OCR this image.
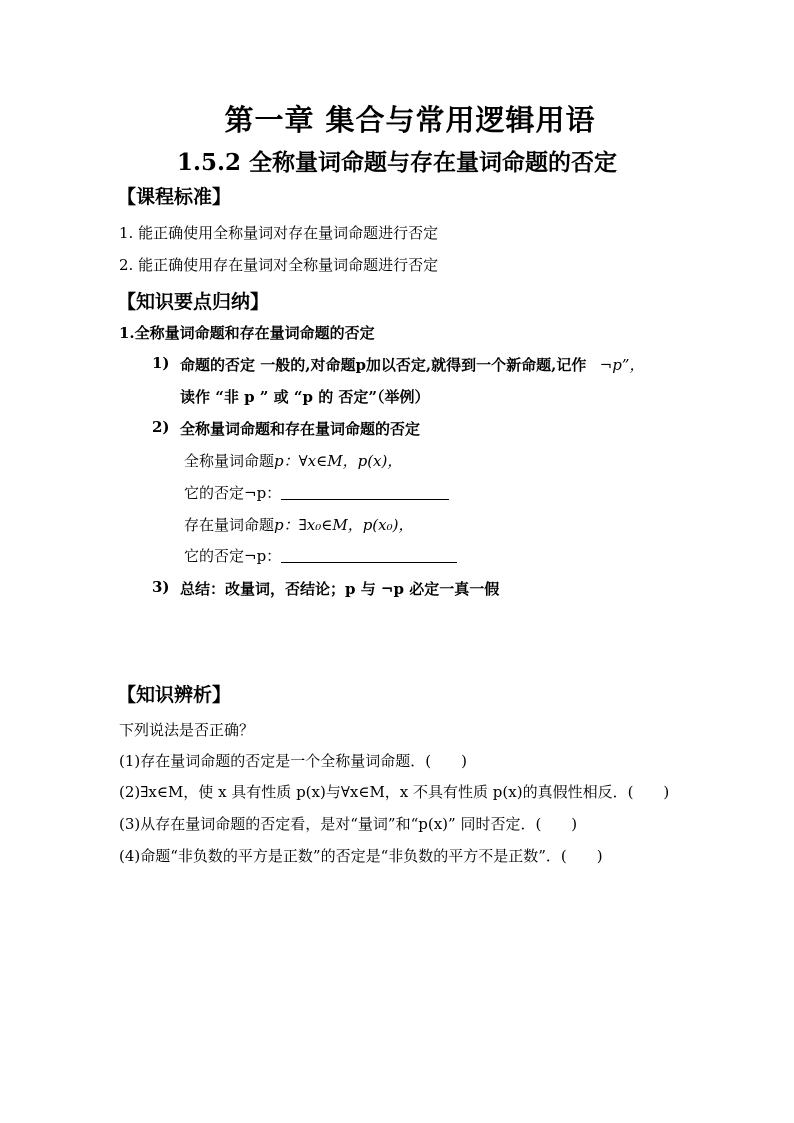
第一章 集合与常用逻辑用语
1.5.2 全称量词命题与存在量词命题的否定
【课程标准】
1. 能正确使用全称量词对存在量词命题进行否定
2. 能正确使用存在量词对全称量词命题进行否定
【知识要点归纳】
1.全称量词命题和存在量词命题的否定
1) 命题的否定 一般的,对命题p加以否定,就得到一个新命题,记作 ¬p”，
读作 “非 p ” 或 “p 的 否定”（举例）
2) 全称量词命题和存在量词命题的否定
全称量词命题p：∀x∈M，p(x)，
它的否定¬p：
存在量词命题p：∃x₀∈M，p(x₀)，
它的否定¬p：
3) 总结：改量词，否结论；p 与 ¬p 必定一真一假
【知识辨析】
下列说法是否正确？
(1)存在量词命题的否定是一个全称量词命题．(　　)
(2)∃x∈M，使 x 具有性质 p(x)与∀x∈M，x 不具有性质 p(x)的真假性相反．(　　)
(3)从存在量词命题的否定看，是对“量词”和“p(x)” 同时否定．(　　)
(4)命题“非负数的平方是正数”的否定是“非负数的平方不是正数”．(　　)
